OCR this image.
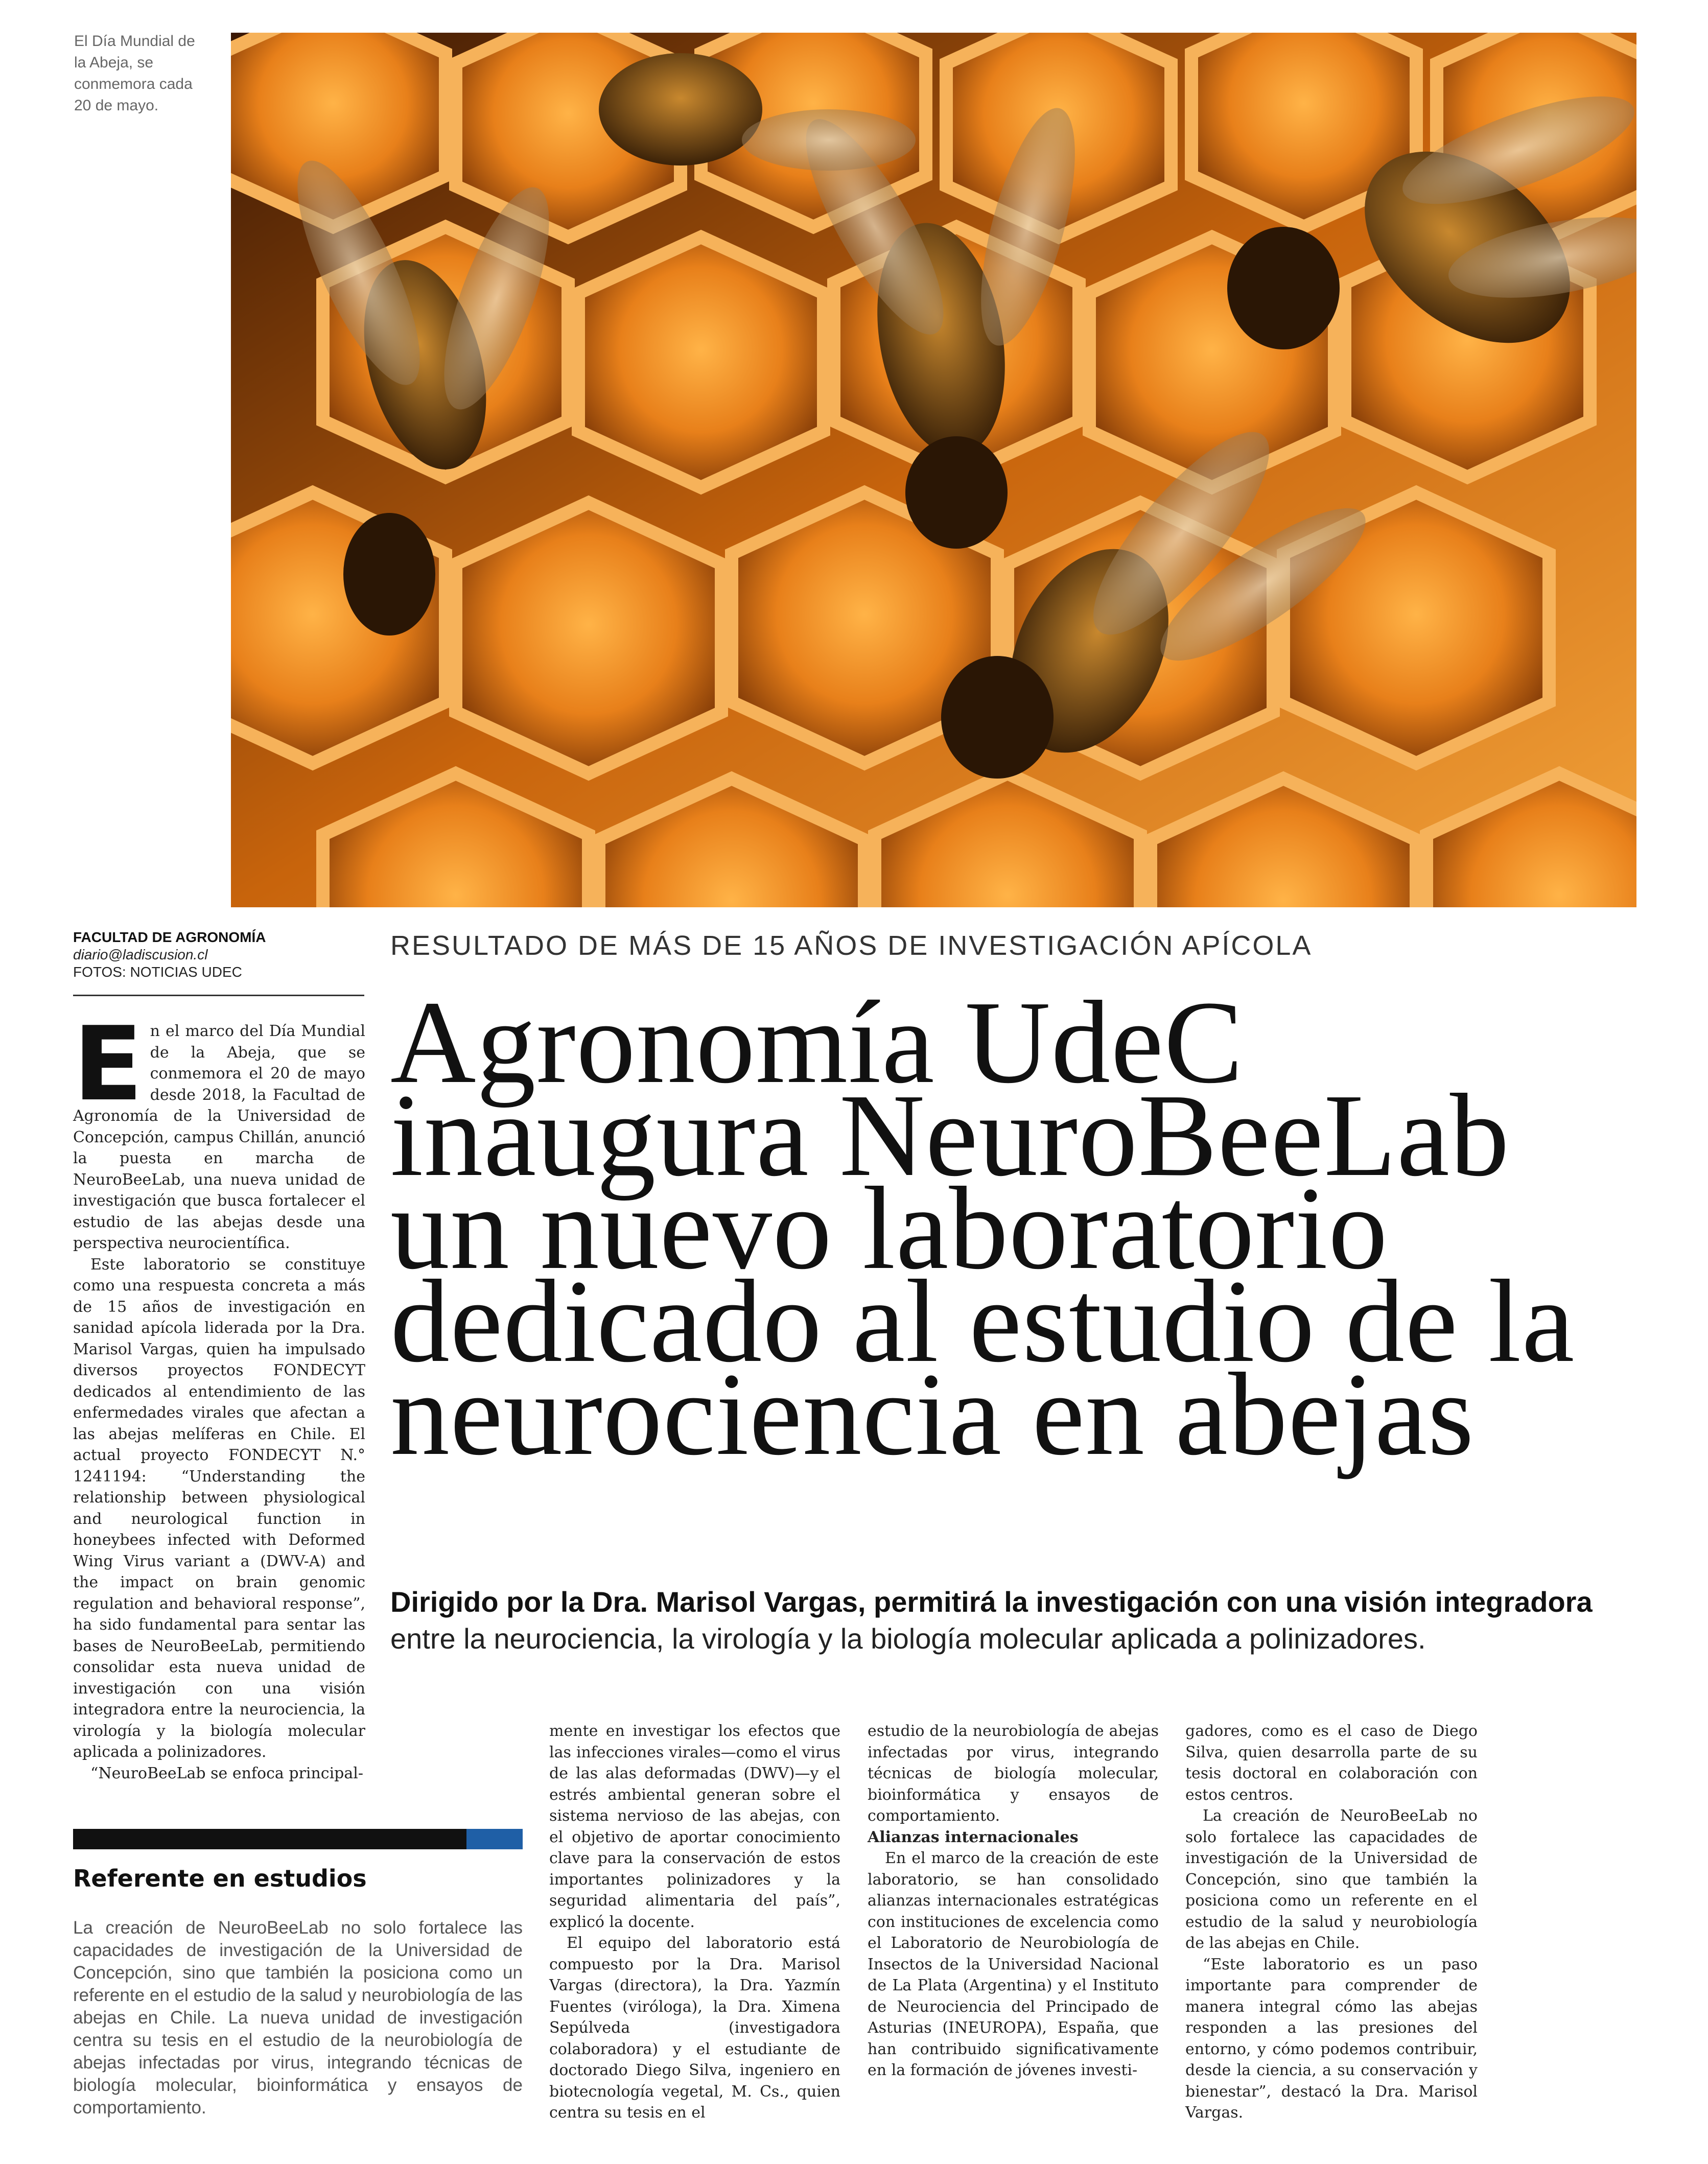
El Día Mundial de la Abeja, se conmemora cada 20 de mayo.
FACULTAD DE AGRONOMÍA
diario@ladiscusion.cl
FOTOS: NOTICIAS UDEC
RESULTADO DE MÁS DE 15 AÑOS DE INVESTIGACIÓN APÍCOLA
Agronomía UdeC
inaugura NeuroBeeLab
un nuevo laboratorio
dedicado al estudio de la
neurociencia en abejas
Dirigido por la Dra. Marisol Vargas, permitirá la investigación con una visión integradora
entre la neurociencia, la virología y la biología molecular aplicada a polinizadores.
E n el marco del Día Mundial de la Abeja, que se conmemora el 20 de mayo desde 2018, la Facultad de Agronomía de la Universidad de Concepción, campus Chillán, anunció la puesta en marcha de NeuroBeeLab, una nueva unidad de investigación que busca fortalecer el estudio de las abejas desde una perspectiva neurocientífica.

Este laboratorio se constituye como una respuesta concreta a más de 15 años de investigación en sanidad apícola liderada por la Dra. Marisol Vargas, quien ha impulsado diversos proyectos FONDECYT dedicados al entendimiento de las enfermedades virales que afectan a las abejas melíferas en Chile. El actual proyecto FONDECYT N.° 1241194: “Understanding the relationship between physiological and neurological function in honeybees infected with Deformed Wing Virus variant a (DWV-A) and the impact on brain genomic regulation and behavioral response”, ha sido fundamental para sentar las bases de NeuroBeeLab, permitiendo consolidar esta nueva unidad de investigación con una visión integradora entre la neurociencia, la virología y la biología molecular aplicada a polinizadores.

“NeuroBeeLab se enfoca principal-

mente en investigar los efectos que las infecciones virales—como el virus de las alas deformadas (DWV)—y el estrés ambiental generan sobre el sistema nervioso de las abejas, con el objetivo de aportar conocimiento clave para la conservación de estos importantes polinizadores y la seguridad alimentaria del país”, explicó la docente.

El equipo del laboratorio está compuesto por la Dra. Marisol Vargas (directora), la Dra. Yazmín Fuentes (viróloga), la Dra. Ximena Sepúlveda (investigadora colaboradora) y el estudiante de doctorado Diego Silva, ingeniero en biotecnología vegetal, M. Cs., quien centra su tesis en el

estudio de la neurobiología de abejas infectadas por virus, integrando técnicas de biología molecular, bioinformática y ensayos de comportamiento.

Alianzas internacionales

En el marco de la creación de este laboratorio, se han consolidado alianzas internacionales estratégicas con instituciones de excelencia como el Laboratorio de Neurobiología de Insectos de la Universidad Nacional de La Plata (Argentina) y el Instituto de Neurociencia del Principado de Asturias (INEUROPA), España, que han contribuido significativamente en la formación de jóvenes investi-

gadores, como es el caso de Diego Silva, quien desarrolla parte de su tesis doctoral en colaboración con estos centros.

La creación de NeuroBeeLab no solo fortalece las capacidades de investigación de la Universidad de Concepción, sino que también la posiciona como un referente en el estudio de la salud y neurobiología de las abejas en Chile.

“Este laboratorio es un paso importante para comprender de manera integral cómo las abejas responden a las presiones del entorno, y cómo podemos contribuir, desde la ciencia, a su conservación y bienestar”, destacó la Dra. Marisol Vargas.

Referente en estudios
La creación de NeuroBeeLab no solo fortalece las capacidades de investigación de la Universidad de Concepción, sino que también la posiciona como un referente en el estudio de la salud y neurobiología de las abejas en Chile. La nueva unidad de investigación centra su tesis en el estudio de la neurobiología de abejas infectadas por virus, integrando técnicas de biología molecular, bioinformática y ensayos de comportamiento.
